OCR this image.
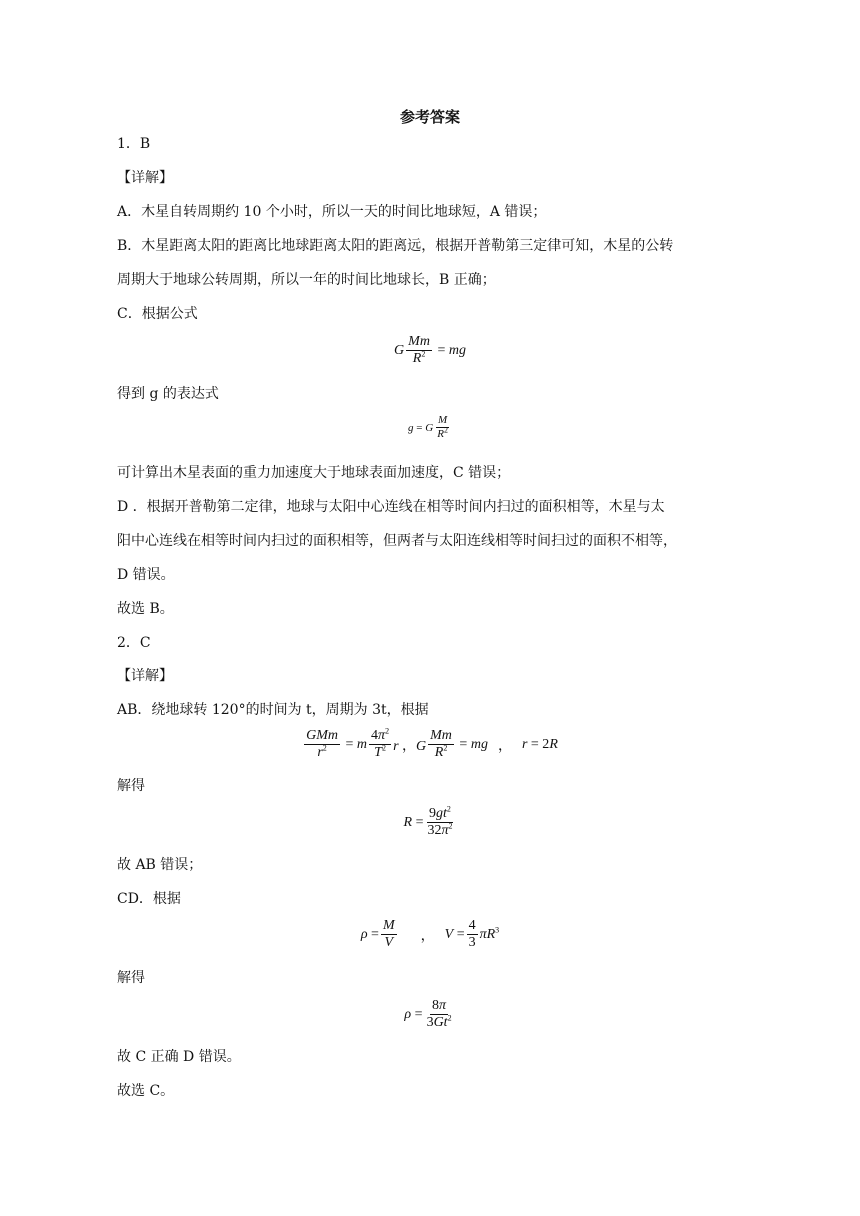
参考答案
1．B
【详解】
A．木星自转周期约 10 个小时，所以一天的时间比地球短，A 错误；
B．木星距离太阳的距离比地球距离太阳的距离远，根据开普勒第三定律可知，木星的公转
周期大于地球公转周期，所以一年的时间比地球长，B 正确；
C．根据公式
G $\frac{Mm}{R^2}$ = mg
得到 g 的表达式
g = G $\frac{M}{R^2}$
可计算出木星表面的重力加速度大于地球表面加速度，C 错误；
D ．根据开普勒第二定律，地球与太阳中心连线在相等时间内扫过的面积相等，木星与太
阳中心连线在相等时间内扫过的面积相等，但两者与太阳连线相等时间扫过的面积不相等，
D 错误。
故选 B。
2．C
【详解】
AB．绕地球转 120°的时间为 t，周期为 3t，根据
$\frac{\text{GMm}}{r^2} = m \frac{4\pi^2}{T^2}$ r ，G $\frac{Mm}{R^2}$ = mg ， r = 2R
解得
$R = \frac{9gt^2}{32\pi^2}$
故 AB 错误；
CD．根据
$\rho = \frac{M}{V}$ ， $V = \frac{4}{3} \pi R^3$
解得
$\rho = \frac{8\pi}{3Gt^2}$
故 C 正确 D 错误。
故选 C。
